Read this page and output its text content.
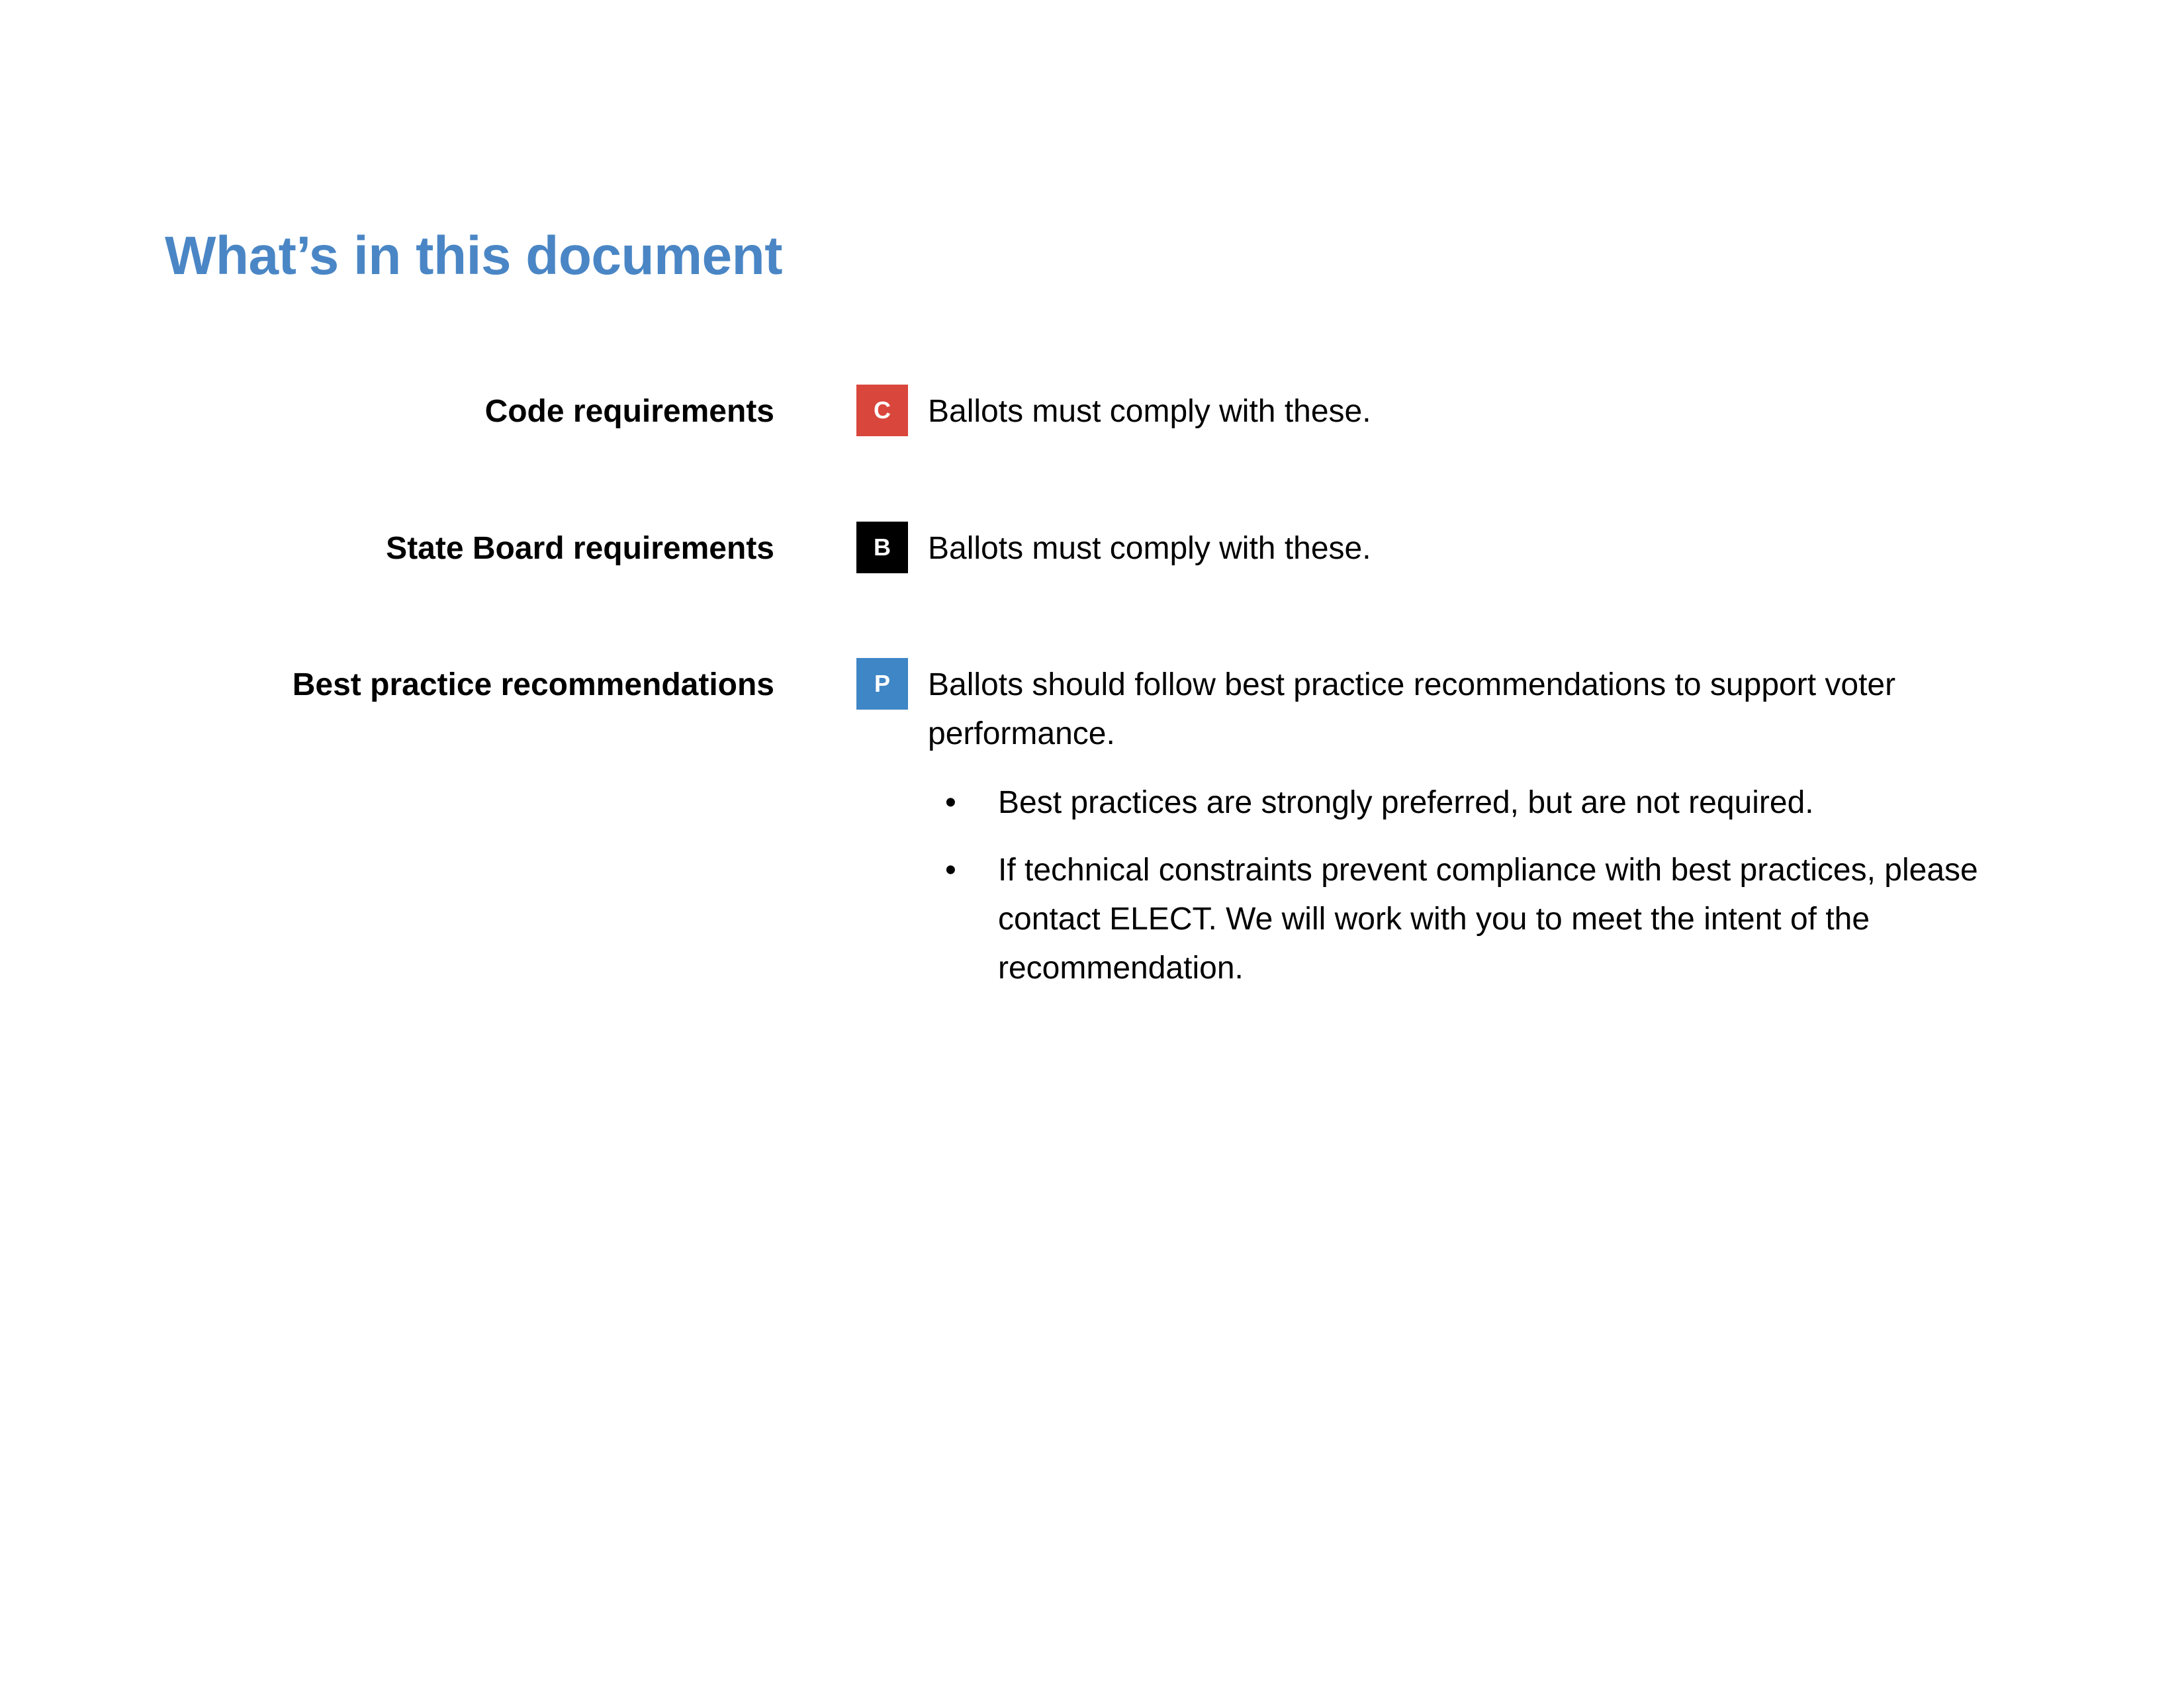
What’s in this document
Code requirements	C	Ballots must comply with these.
State Board requirements	B	Ballots must comply with these.
Best practice recommendations	P	Ballots should follow best practice recommendations to support voter performance.
• Best practices are strongly preferred, but are not required.
• If technical constraints prevent compliance with best practices, please contact ELECT. We will work with you to meet the intent of the recommendation.
